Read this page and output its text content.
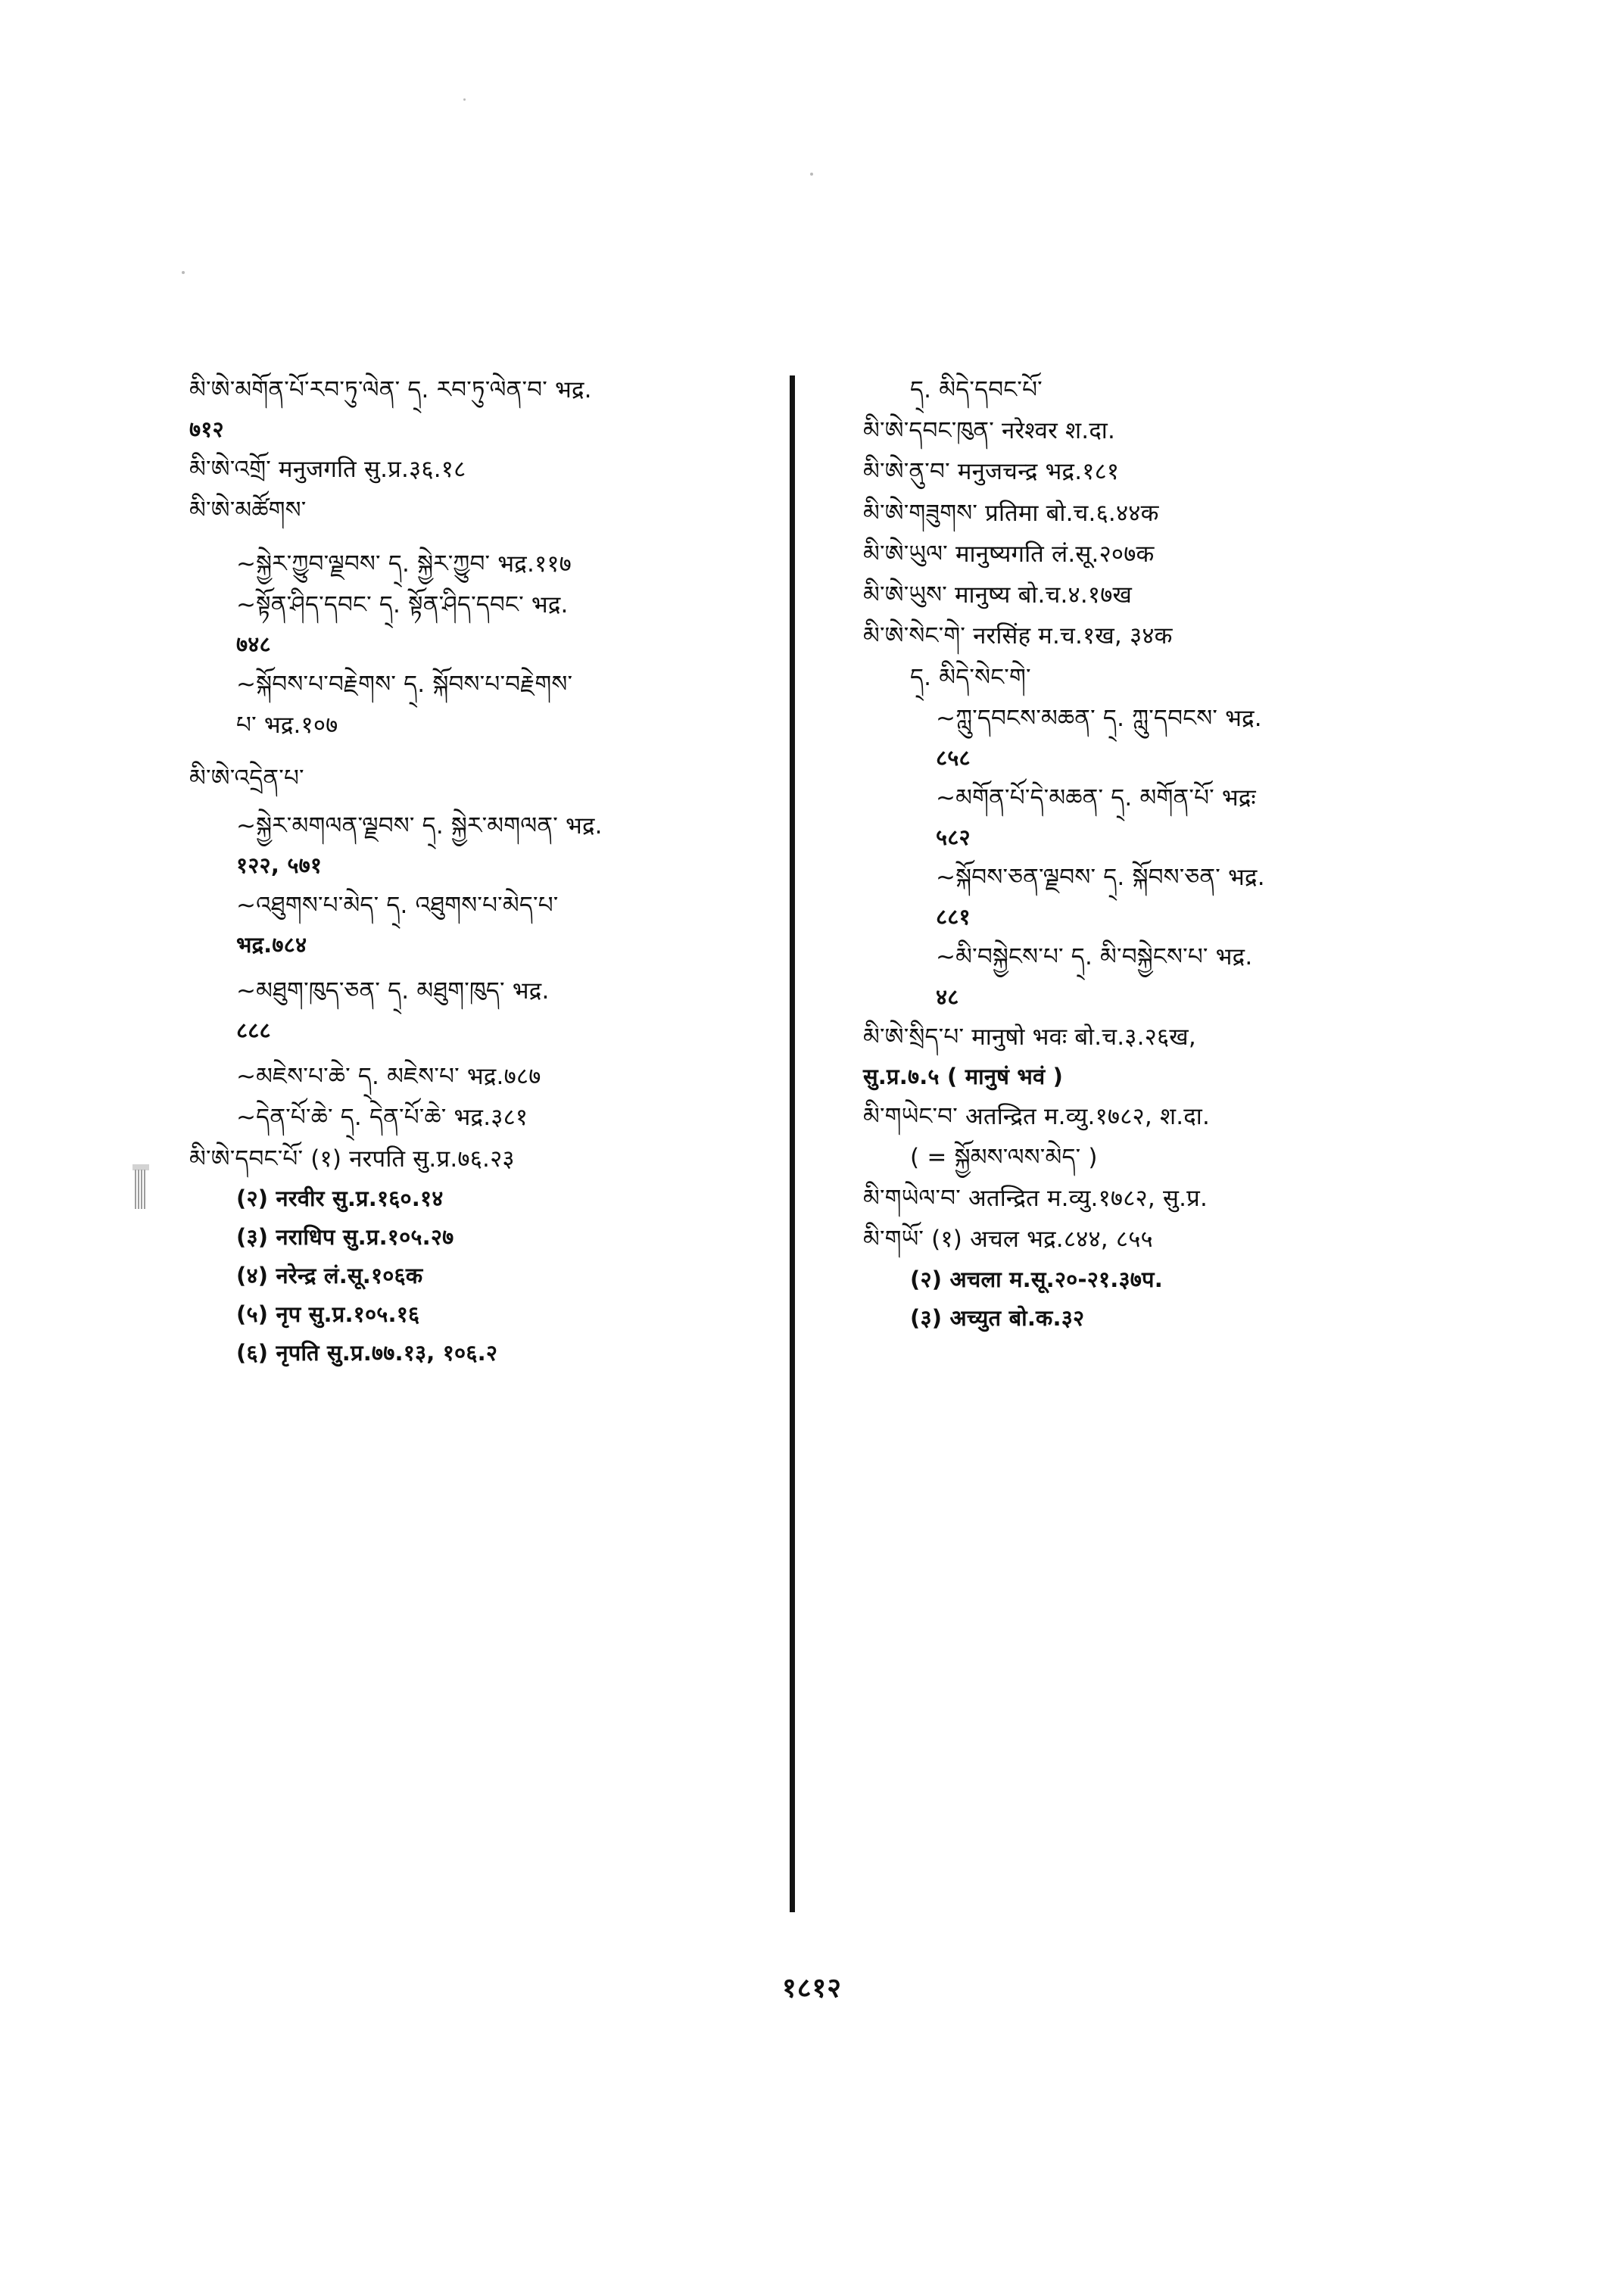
མི་ཨེ་མགོན་པོ་རབ་ཏུ་ལེན་ ད྄. རབ་ཏུ་ལེན་བ་ भद्र.

७१२

མི་ཨེ་འགྲོ་ मनुजगति सु.प्र.३६.१८

མི་ཨེ་མཚོགས་

~སྐྱེར་ཀྱུབ་ལྗབས་ ད྄. སྐྱེར་ཀྱུབ་ भद्र.११७

~སྟོན་ཤིད་དབང་ ད྄. སྟོན་ཤིད་དབང་ भद्र.

७४८

~སྐོབས་པ་བརྗེགས་ ད྄. སྐོབས་པ་བརྗེགས་

པ་ भद्र.१०७

མི་ཨེ་འདྲེན་པ་

~སྐྱེར་མགལན་ལྗབས་ ད྄. སྐྱེར་མགལན་ भद्र.

१२२, ५७१

~འཐུགས་པ་མེད་ ད྄. འཐུགས་པ་མེད་པ་

भद्र.७८४

~མཐུག་ཁུད་ཅན་ ད྄. མཐུག་ཁུད་ भद्र.

८८८

~མཇེས་པ་ཆེ་ ད྄. མཇེས་པ་ भद्र.७८७

~དེན་པོ་ཆེ་ ད྄. དེན་པོ་ཆེ་ भद्र.३८१

མི་ཨེ་དབང་པོ་ (१) नरपति सु.प्र.७६.२३

(२) नरवीर सु.प्र.१६०.१४

(३) नराधिप सु.प्र.१०५.२७

(४) नरेन्द्र लं.सू.१०६क

(५) नृप सु.प्र.१०५.१६

(६) नृपति सु.प्र.७७.१३, १०६.२

ད྄. མིདེ་དབང་པོ་

མི་ཨེ་དབང་ཁུན་ नरेश्वर श.दा.

མི་ཨེ་ནུ་བ་ मनुजचन्द्र भद्र.१८१

མི་ཨེ་གཟུགས་ प्रतिमा बो.च.६.४४क

མི་ཨེ་ཡུལ་ मानुष्यगति लं.सू.२०७क

མི་ཨེ་ཡུས་ मानुष्य बो.च.४.१७ख

མི་ཨེ་སེང་གེ་ नरसिंह म.च.१ख, ३४क

ད྄. མིདེ་སེང་གེ་

~ཀླུ་དབངས་མཆན་ ད྄. ཀླུ་དབངས་ भद्र.

८५८

~མགོན་པོ་དེ་མཆན་ ད྄. མགོན་པོ་ भद्रः

५८२

~སྐོབས་ཅན་ལྗབས་ ད྄. སྐོབས་ཅན་ भद्र.

८८१

~མི་བསྐྱེངས་པ་ ད྄. མི་བསྐྱེངས་པ་ भद्र.

४८

མི་ཨེ་སྲིད་པ་ मानुषो भवः बो.च.३.२६ख,

सु.प्र.७.५ ( मानुषं भवं )

མི་གཡེང་བ་ अतन्द्रित म.व्यु.१७८२, श.दा.

( = སྐྱོམས་ལས་མེད་ )

མི་གཡེལ་བ་ अतन्द्रित म.व्यु.१७८२, सु.प्र.

མི་གཡོ་ (१) अचल भद्र.८४४, ८५५

(२) अचला म.सू.२०-२१.३७प.

(३) अच्युत बो.क.३२

१८१२
